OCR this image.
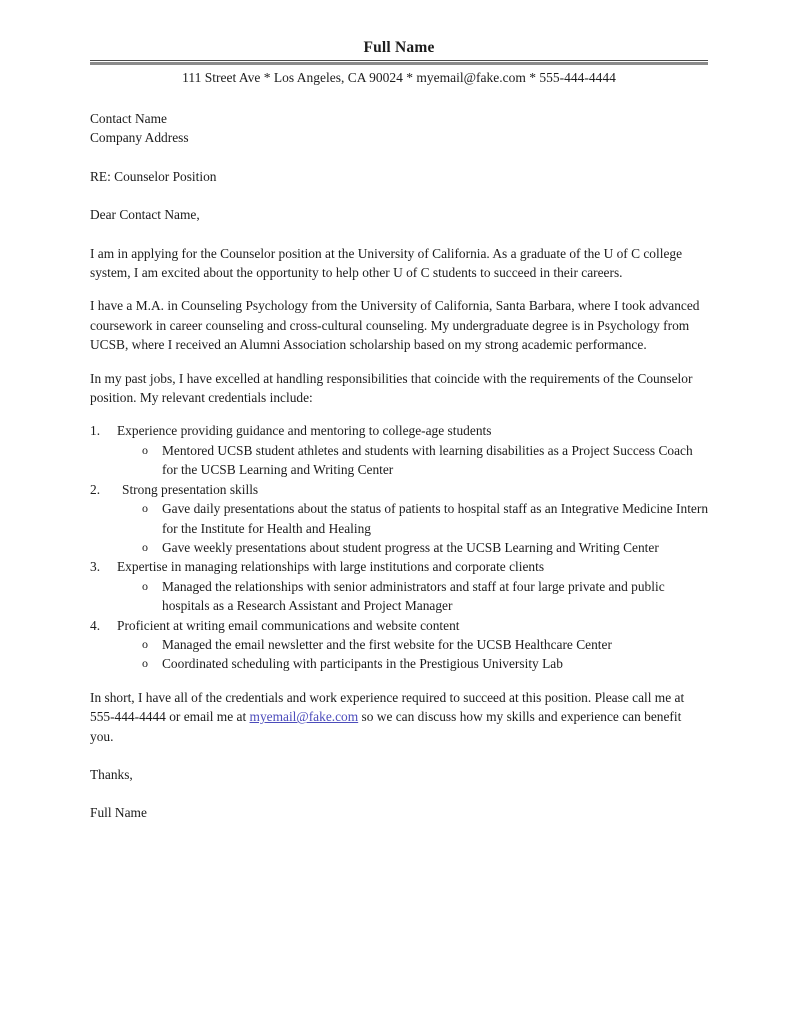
Full Name
111 Street Ave * Los Angeles, CA 90024 * myemail@fake.com * 555-444-4444
Contact Name
Company Address
RE: Counselor Position
Dear Contact Name,

I am in applying for the Counselor position at the University of California. As a graduate of the U of C college system, I am excited about the opportunity to help other U of C students to succeed in their careers.

I have a M.A. in Counseling Psychology from the University of California, Santa Barbara, where I took advanced coursework in career counseling and cross-cultural counseling. My undergraduate degree is in Psychology from UCSB, where I received an Alumni Association scholarship based on my strong academic performance.

In my past jobs, I have excelled at handling responsibilities that coincide with the requirements of the Counselor position. My relevant credentials include:

1.	Experience providing guidance and mentoring to college-age students
o Mentored UCSB student athletes and students with learning disabilities as a Project Success Coach for the UCSB Learning and Writing Center
2.	Strong presentation skills
o Gave daily presentations about the status of patients to hospital staff as an Integrative Medicine Intern for the Institute for Health and Healing
o Gave weekly presentations about student progress at the UCSB Learning and Writing Center
3.	Expertise in managing relationships with large institutions and corporate clients
o Managed the relationships with senior administrators and staff at four large private and public hospitals as a Research Assistant and Project Manager
4.	Proficient at writing email communications and website content
o Managed the email newsletter and the first website for the UCSB Healthcare Center
o Coordinated scheduling with participants in the Prestigious University Lab

In short, I have all of the credentials and work experience required to succeed at this position. Please call me at 555-444-4444 or email me at myemail@fake.com so we can discuss how my skills and experience can benefit you.

Thanks,
Full Name
